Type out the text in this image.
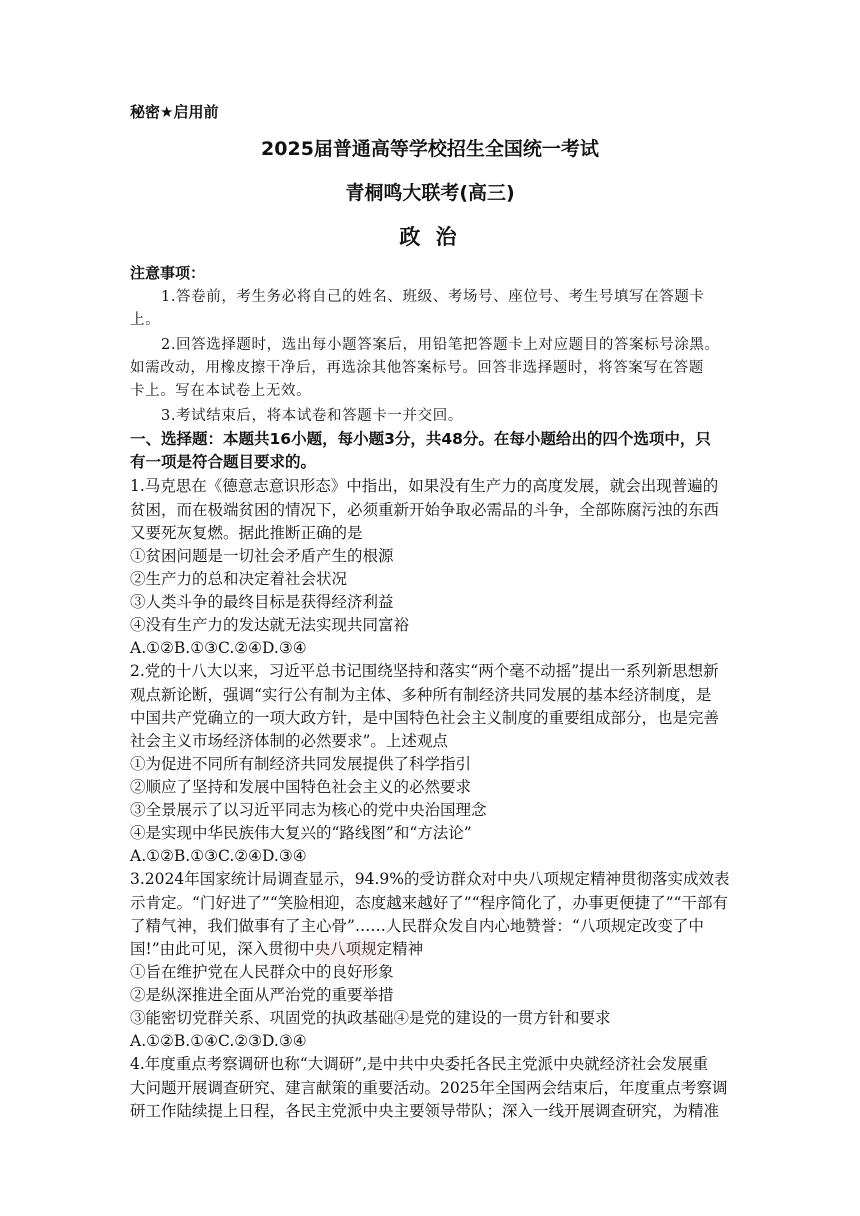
秘密★启用前
2025届普通高等学校招生全国统一考试
青桐鸣大联考(高三)
政 治
注意事项：
1.答卷前，考生务必将自己的姓名、班级、考场号、座位号、考生号填写在答题卡
上。
2.回答选择题时，选出每小题答案后，用铅笔把答题卡上对应题目的答案标号涂黑。
如需改动，用橡皮擦干净后，再选涂其他答案标号。回答非选择题时，将答案写在答题
卡上。写在本试卷上无效。
3.考试结束后，将本试卷和答题卡一并交回。
一、选择题：本题共16小题，每小题3分，共48分。在每小题给出的四个选项中，只
有一项是符合题目要求的。
1.马克思在《德意志意识形态》中指出，如果没有生产力的高度发展，就会出现普遍的
贫困，而在极端贫困的情况下，必须重新开始争取必需品的斗争，全部陈腐污浊的东西
又要死灰复燃。据此推断正确的是
①贫困问题是一切社会矛盾产生的根源
②生产力的总和决定着社会状况
③人类斗争的最终目标是获得经济利益
④没有生产力的发达就无法实现共同富裕
A.①②B.①③C.②④D.③④
2.党的十八大以来，习近平总书记围绕坚持和落实“两个毫不动摇”提出一系列新思想新
观点新论断，强调“实行公有制为主体、多种所有制经济共同发展的基本经济制度，是
中国共产党确立的一项大政方针，是中国特色社会主义制度的重要组成部分，也是完善
社会主义市场经济体制的必然要求”。上述观点
①为促进不同所有制经济共同发展提供了科学指引
②顺应了坚持和发展中国特色社会主义的必然要求
③全景展示了以习近平同志为核心的党中央治国理念
④是实现中华民族伟大复兴的“路线图”和“方法论”
A.①②B.①③C.②④D.③④
3.2024年国家统计局调查显示，94.9%的受访群众对中央八项规定精神贯彻落实成效表
示肯定。“门好进了”“笑脸相迎，态度越来越好了”“程序简化了，办事更便捷了”“干部有
了精气神，我们做事有了主心骨”……人民群众发自内心地赞誉：“八项规定改变了中
国!”由此可见，深入贯彻中央八项规定精神
①旨在维护党在人民群众中的良好形象
②是纵深推进全面从严治党的重要举措
③能密切党群关系、巩固党的执政基础④是党的建设的一贯方针和要求
A.①②B.①④C.②③D.③④
4.年度重点考察调研也称“大调研”,是中共中央委托各民主党派中央就经济社会发展重
大问题开展调查研究、建言献策的重要活动。2025年全国两会结束后，年度重点考察调
研工作陆续提上日程，各民主党派中央主要领导带队；深入一线开展调查研究，为精准
